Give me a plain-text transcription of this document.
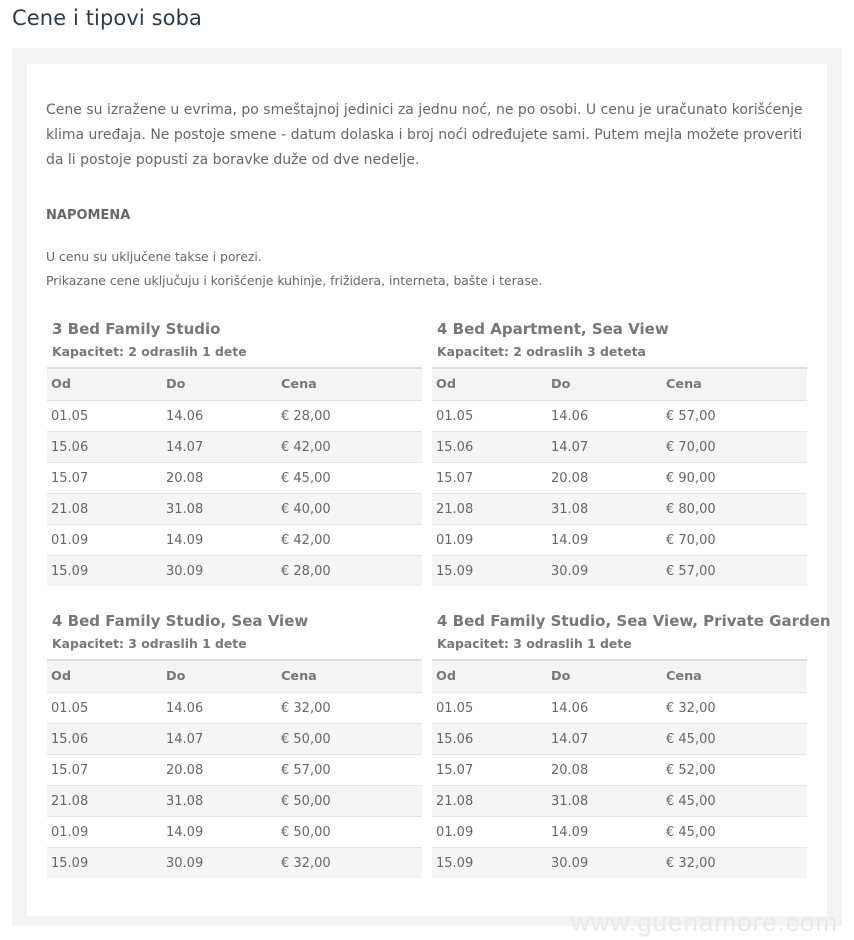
Cene i tipovi soba

Cene su izražene u evrima, po smeštajnoj jedinici za jednu noć, ne po osobi. U cenu je uračunato korišćenje klima uređaja. Ne postoje smene - datum dolaska i broj noći određujete sami. Putem mejla možete proveriti da li postoje popusti za boravke duže od dve nedelje.

NAPOMENA

U cenu su uključene takse i porezi.

Prikazane cene uključuju i korišćenje kuhinje, frižidera, interneta, bašte i terase.

3 Bed Family Studio

Kapacitet: 2 odraslih 1 dete

Od	Do	Cena
01.05	14.06	€ 28,00
15.06	14.07	€ 42,00
15.07	20.08	€ 45,00
21.08	31.08	€ 40,00
01.09	14.09	€ 42,00
15.09	30.09	€ 28,00

4 Bed Apartment, Sea View

Kapacitet: 2 odraslih 3 deteta

Od	Do	Cena
01.05	14.06	€ 57,00
15.06	14.07	€ 70,00
15.07	20.08	€ 90,00
21.08	31.08	€ 80,00
01.09	14.09	€ 70,00
15.09	30.09	€ 57,00

4 Bed Family Studio, Sea View

Kapacitet: 3 odraslih 1 dete

Od	Do	Cena
01.05	14.06	€ 32,00
15.06	14.07	€ 50,00
15.07	20.08	€ 57,00
21.08	31.08	€ 50,00
01.09	14.09	€ 50,00
15.09	30.09	€ 32,00

4 Bed Family Studio, Sea View, Private Garden

Kapacitet: 3 odraslih 1 dete

Od	Do	Cena
01.05	14.06	€ 32,00
15.06	14.07	€ 45,00
15.07	20.08	€ 52,00
21.08	31.08	€ 45,00
01.09	14.09	€ 45,00
15.09	30.09	€ 32,00
www.guenamore.com
